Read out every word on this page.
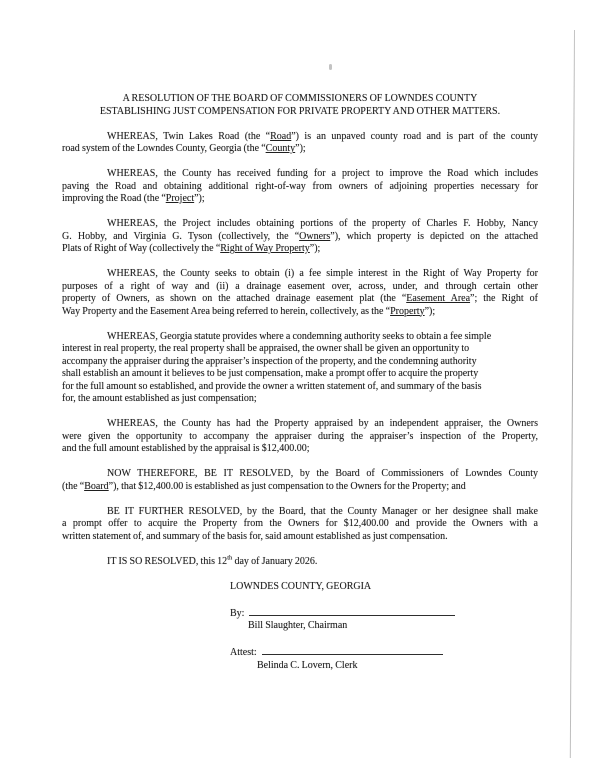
A RESOLUTION OF THE BOARD OF COMMISSIONERS OF LOWNDES COUNTY
ESTABLISHING JUST COMPENSATION FOR PRIVATE PROPERTY AND OTHER MATTERS.
WHEREAS, Twin Lakes Road (the “Road”) is an unpaved county road and is part of the county
road system of the Lowndes County, Georgia (the “County”);
WHEREAS, the County has received funding for a project to improve the Road which includes
paving the Road and obtaining additional right-of-way from owners of adjoining properties necessary for
improving the Road (the “Project”);
WHEREAS, the Project includes obtaining portions of the property of Charles F. Hobby, Nancy
G. Hobby, and Virginia G. Tyson (collectively, the “Owners”), which property is depicted on the attached
Plats of Right of Way (collectively the “Right of Way Property”);
WHEREAS, the County seeks to obtain (i) a fee simple interest in the Right of Way Property for
purposes of a right of way and (ii) a drainage easement over, across, under, and through certain other
property of Owners, as shown on the attached drainage easement plat (the “Easement Area”; the Right of
Way Property and the Easement Area being referred to herein, collectively, as the “Property”);
WHEREAS, Georgia statute provides where a condemning authority seeks to obtain a fee simple
interest in real property, the real property shall be appraised, the owner shall be given an opportunity to
accompany the appraiser during the appraiser’s inspection of the property, and the condemning authority
shall establish an amount it believes to be just compensation, make a prompt offer to acquire the property
for the full amount so established, and provide the owner a written statement of, and summary of the basis
for, the amount established as just compensation;
WHEREAS, the County has had the Property appraised by an independent appraiser, the Owners
were given the opportunity to accompany the appraiser during the appraiser’s inspection of the Property,
and the full amount established by the appraisal is $12,400.00;
NOW THEREFORE, BE IT RESOLVED, by the Board of Commissioners of Lowndes County
(the “Board”), that $12,400.00 is established as just compensation to the Owners for the Property; and
BE IT FURTHER RESOLVED, by the Board, that the County Manager or her designee shall make
a prompt offer to acquire the Property from the Owners for $12,400.00 and provide the Owners with a
written statement of, and summary of the basis for, said amount established as just compensation.
IT IS SO RESOLVED, this 12th day of January 2026.
LOWNDES COUNTY, GEORGIA
By:
Bill Slaughter, Chairman
Attest:
Belinda C. Lovern, Clerk
